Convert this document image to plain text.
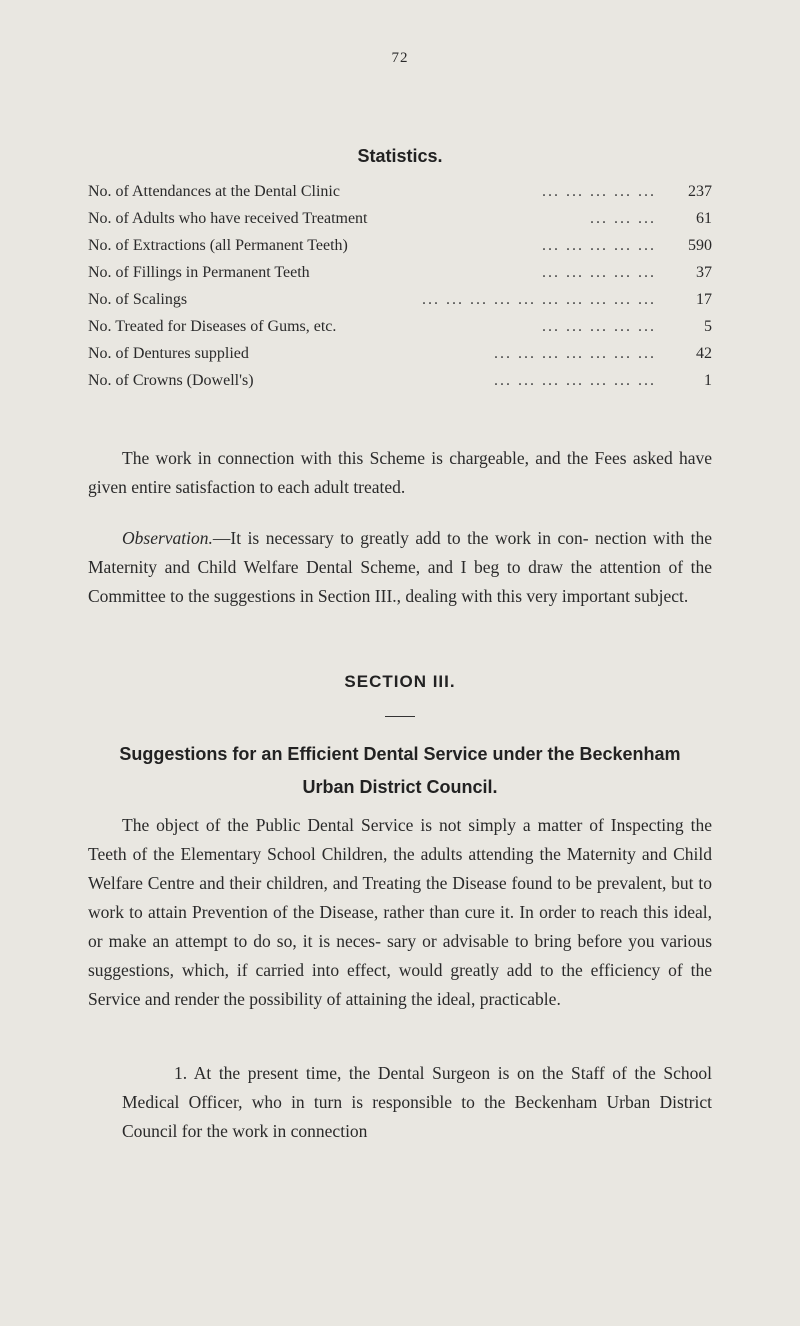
72
Statistics.
No. of Attendances at the Dental Clinic	... ... ... ... ...	237
No. of Adults who have received Treatment	... ... ...	61
No. of Extractions (all Permanent Teeth)	... ... ... ... ...	590
No. of Fillings in Permanent Teeth	... ... ... ... ...	37
No. of Scalings	... ... ... ... ... ... ... ... ... ...	17
No. Treated for Diseases of Gums, etc.	... ... ... ... ...	5
No. of Dentures supplied	... ... ... ... ... ... ...	42
No. of Crowns (Dowell's)	... ... ... ... ... ... ...	1

The work in connection with this Scheme is chargeable, and the Fees asked have given entire satisfaction to each adult treated.

Observation.—It is necessary to greatly add to the work in con- nection with the Maternity and Child Welfare Dental Scheme, and I beg to draw the attention of the Committee to the suggestions in Section III., dealing with this very important subject.

SECTION III.
Suggestions for an Efficient Dental Service under the Beckenham Urban District Council.

The object of the Public Dental Service is not simply a matter of Inspecting the Teeth of the Elementary School Children, the adults attending the Maternity and Child Welfare Centre and their children, and Treating the Disease found to be prevalent, but to work to attain Prevention of the Disease, rather than cure it. In order to reach this ideal, or make an attempt to do so, it is neces- sary or advisable to bring before you various suggestions, which, if carried into effect, would greatly add to the efficiency of the Service and render the possibility of attaining the ideal, practicable.

1. At the present time, the Dental Surgeon is on the Staff of the School Medical Officer, who in turn is responsible to the Beckenham Urban District Council for the work in connection
